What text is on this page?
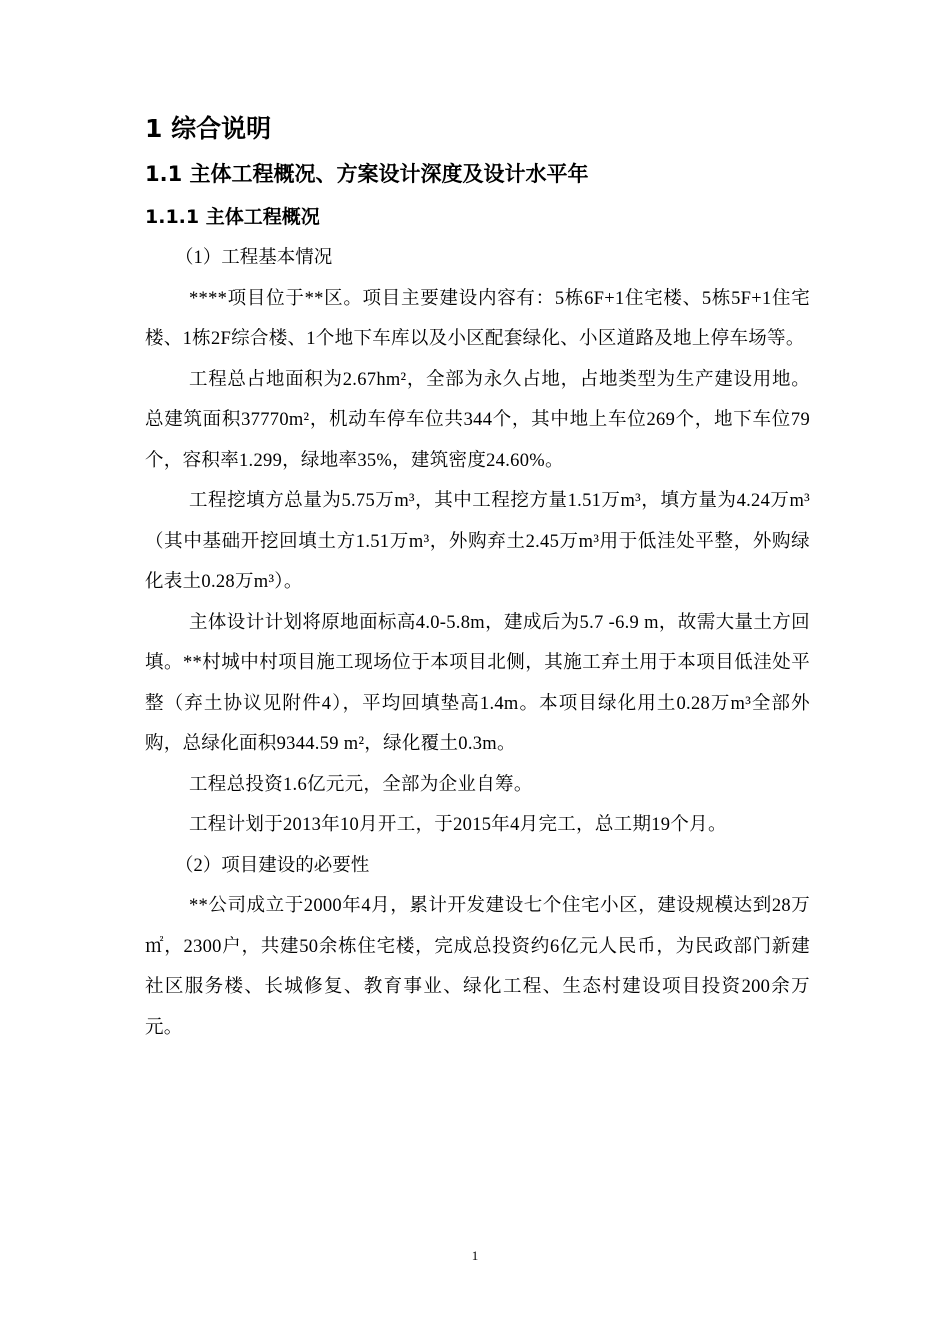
1 综合说明
1.1 主体工程概况、方案设计深度及设计水平年
1.1.1 主体工程概况

（1）工程基本情况

****项目位于**区。项目主要建设内容有：5栋6F+1住宅楼、5栋5F+1住宅楼、1栋2F综合楼、1个地下车库以及小区配套绿化、小区道路及地上停车场等。

工程总占地面积为2.67hm²，全部为永久占地，占地类型为生产建设用地。总建筑面积37770m²，机动车停车位共344个，其中地上车位269个，地下车位79个，容积率1.299，绿地率35%，建筑密度24.60%。

工程挖填方总量为5.75万m³，其中工程挖方量1.51万m³，填方量为4.24万m³（其中基础开挖回填土方1.51万m³，外购弃土2.45万m³用于低洼处平整，外购绿化表土0.28万m³）。

主体设计计划将原地面标高4.0-5.8m，建成后为5.7 -6.9 m，故需大量土方回填。**村城中村项目施工现场位于本项目北侧，其施工弃土用于本项目低洼处平整（弃土协议见附件4），平均回填垫高1.4m。本项目绿化用土0.28万m³全部外购，总绿化面积9344.59 m²，绿化覆土0.3m。

工程总投资1.6亿元元，全部为企业自筹。

工程计划于2013年10月开工，于2015年4月完工，总工期19个月。

（2）项目建设的必要性

**公司成立于2000年4月，累计开发建设七个住宅小区，建设规模达到28万㎡，2300户，共建50余栋住宅楼，完成总投资约6亿元人民币，为民政部门新建社区服务楼、长城修复、教育事业、绿化工程、生态村建设项目投资200余万元。

1
